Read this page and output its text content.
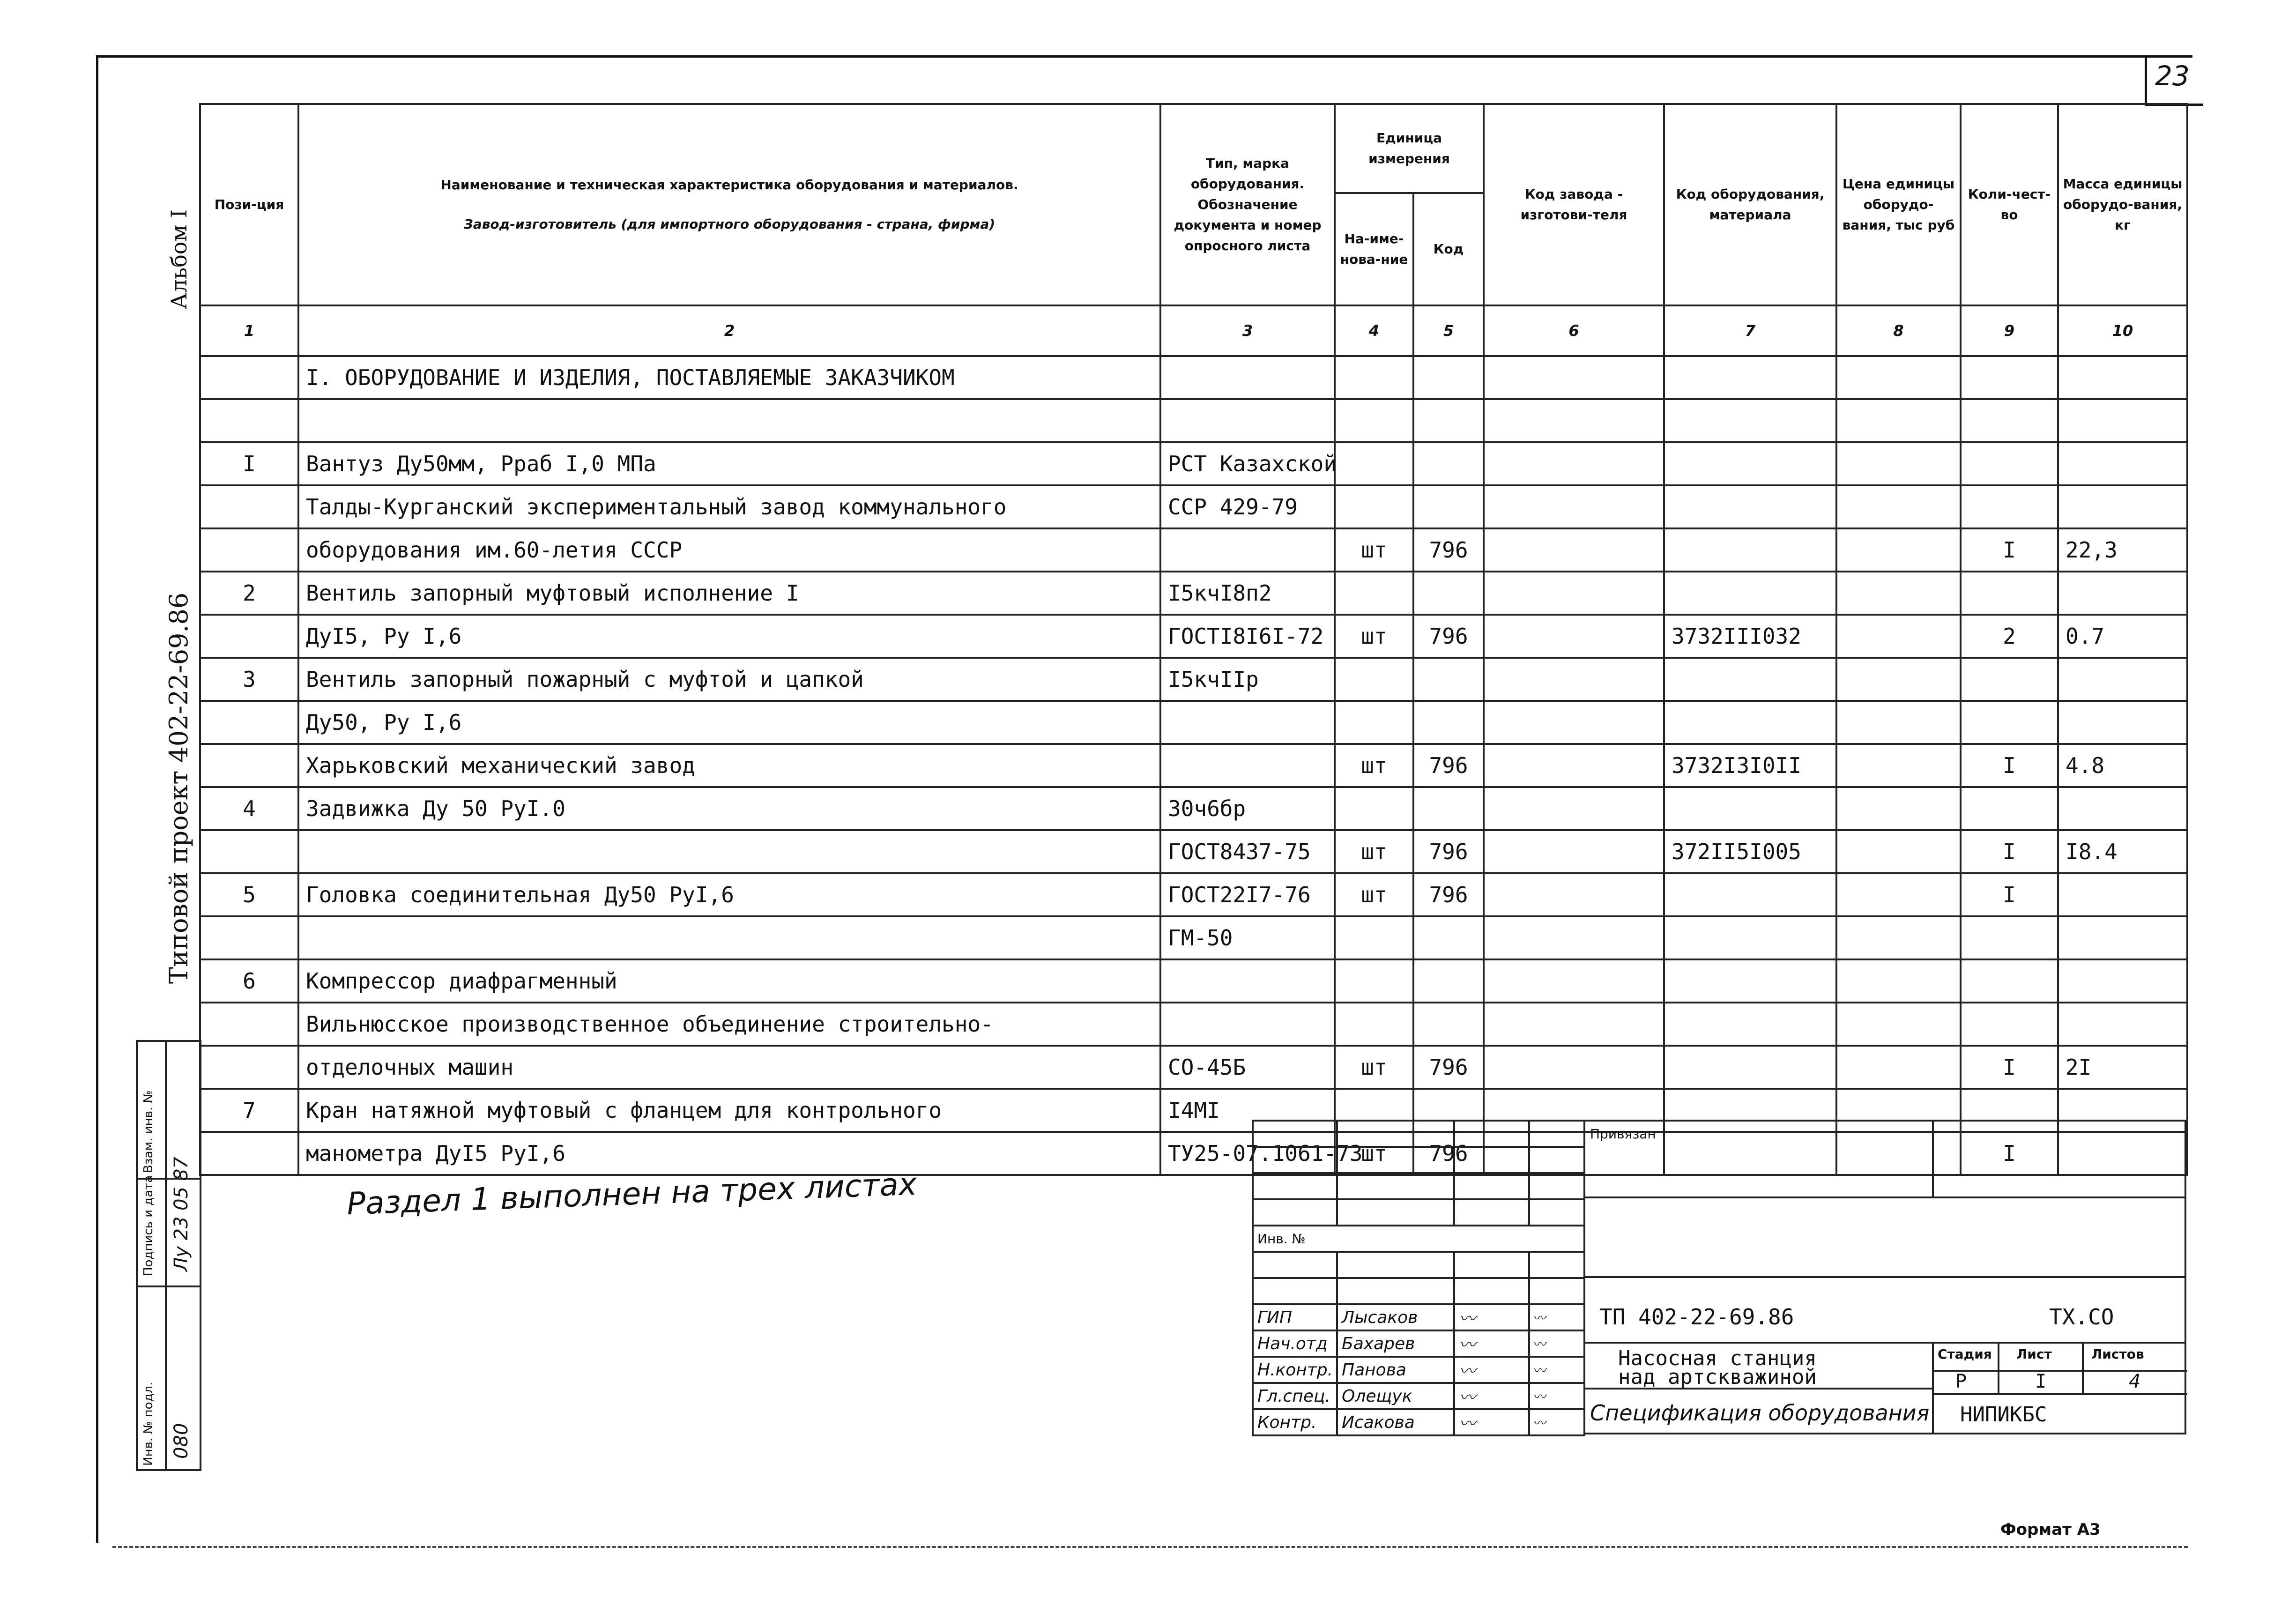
23
Альбом I
Типовой проект 402-22-69.86
Инв. № подл.
Подпись и дата
Взам. инв. №
080
Лу 23 05 87
Пози-ция	Наименование и техническая характеристика оборудования и материалов.
Завод-изготовитель (для импортного оборудования - страна, фирма)	Тип, марка оборудования. Обозначение документа и номер опросного листа	Единица измерения		Код завода - изготови-теля	Код оборудования, материала	Цена единицы оборудо-вания, тыс руб	Коли-чест-во	Масса единицы оборудо-вания, кг
			На-име-нова-ние	Код					
1	2	3	4	5	6	7	8	9	10
	I. ОБОРУДОВАНИЕ И ИЗДЕЛИЯ, ПОСТАВЛЯЕМЫЕ ЗАКАЗЧИКОМ								

I	Вантуз Ду50мм, Рраб I,0 МПа	РСТ Казахской							
	Талды-Курганский экспериментальный завод коммунального	ССР 429-79							
	оборудования им.60-летия СССР		шт	796				I	22,3
2	Вентиль запорный муфтовый исполнение I	I5кчI8п2							
	ДуI5, Ру I,6	ГОСТI8I6I-72	шт	796		3732III032		2	0.7
3	Вентиль запорный пожарный с муфтой и цапкой	I5кчIIр							
	Ду50, Ру I,6								
	Харьковский механический завод		шт	796		3732I3I0II		I	4.8
4	Задвижка Ду 50 РуI.0	30ч6бр							
		ГОСТ8437-75	шт	796		372II5I005		I	I8.4
5	Головка соединительная Ду50 РуI,6	ГОСТ22I7-76	шт	796				I	
		ГМ-50							
6	Компрессор диафрагменный								
	Вильнюсское производственное объединение строительно-								
	отделочных машин	СО-45Б	шт	796				I	2I
7	Кран натяжной муфтовый с фланцем для контрольного	I4МI							
	манометра ДуI5 РуI,6	ТУ25-07.1061-73	шт	796				I	
Раздел 1 выполнен на трех листах

Инв. №			

ГИП	Лысаков	〰	〰
Нач.отд	Бахарев	〰	〰
Н.контр.	Панова	〰	〰
Гл.спец.	Олещук	〰	〰
Контр.	Исакова	〰	〰
Привязан
ТП 402-22-69.86	ТХ.СО
Насосная станция
над артскважиной
Спецификация оборудования
Стадия Лист	Листов
Р	I	4
НИПИКБС
Формат А3
